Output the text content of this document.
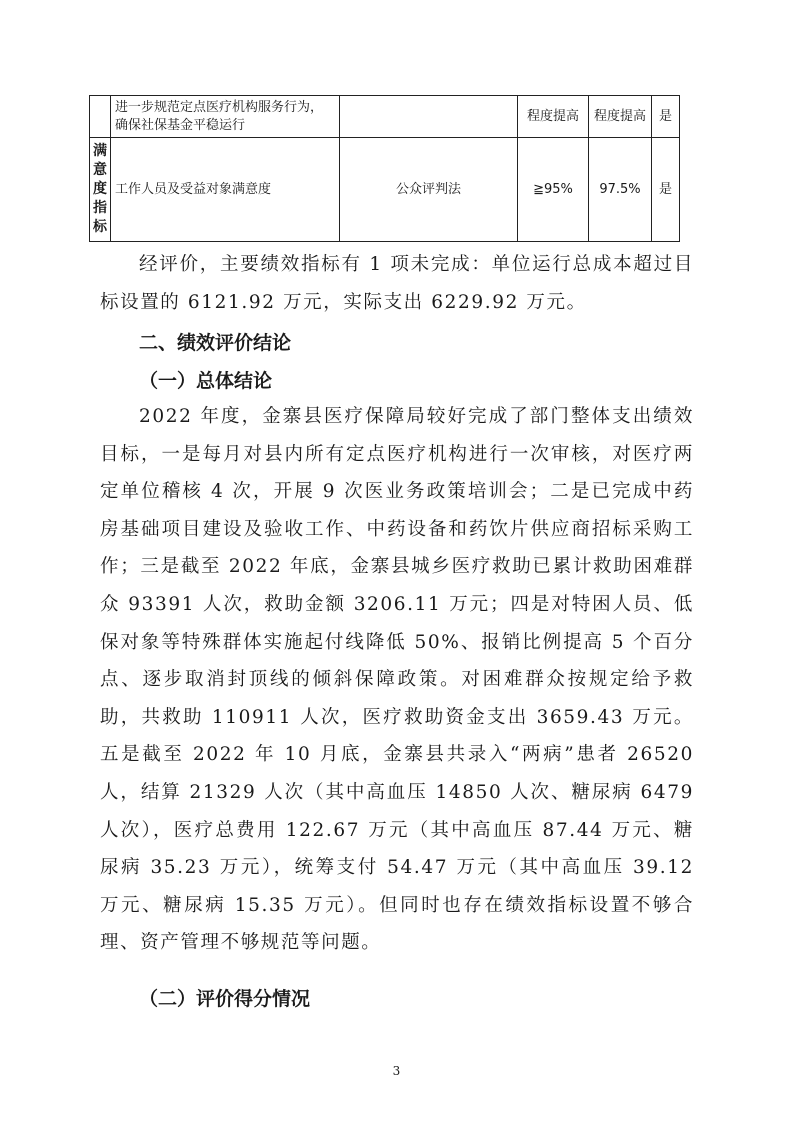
	进一步规范定点医疗机构服务行为，确保社保基金平稳运行		程度提高	程度提高	是

满
意
度
指
标	工作人员及受益对象满意度	公众评判法	≧95%	97.5%	是

经评价，主要绩效指标有 1 项未完成：单位运行总成本超过目标设置的 6121.92 万元，实际支出 6229.92 万元。

二、绩效评价结论
（一）总体结论

2022 年度，金寨县医疗保障局较好完成了部门整体支出绩效目标，一是每月对县内所有定点医疗机构进行一次审核，对医疗两定单位稽核 4 次，开展 9 次医业务政策培训会；二是已完成中药房基础项目建设及验收工作、中药设备和药饮片供应商招标采购工作；三是截至 2022 年底，金寨县城乡医疗救助已累计救助困难群众 93391 人次，救助金额 3206.11 万元；四是对特困人员、低保对象等特殊群体实施起付线降低 50%、报销比例提高 5 个百分点、逐步取消封顶线的倾斜保障政策。对困难群众按规定给予救助，共救助 110911 人次，医疗救助资金支出 3659.43 万元。五是截至 2022 年 10 月底，金寨县共录入“两病”患者 26520 人，结算 21329 人次（其中高血压 14850 人次、糖尿病 6479 人次），医疗总费用 122.67 万元（其中高血压 87.44 万元、糖尿病 35.23 万元），统筹支付 54.47 万元（其中高血压 39.12 万元、糖尿病 15.35 万元）。但同时也存在绩效指标设置不够合理、资产管理不够规范等问题。

（二）评价得分情况
3
